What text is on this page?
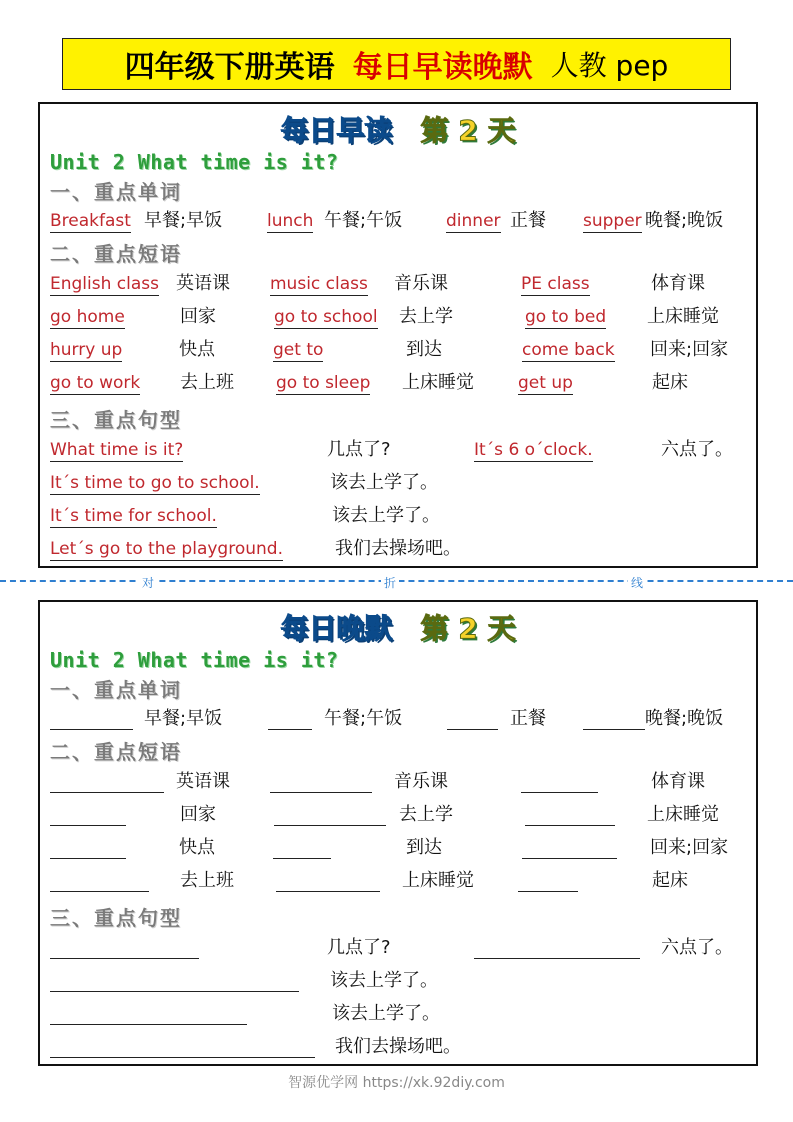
四年级下册英语 每日早读晚默 人教 pep
每日早读 第 2 天
Unit 2 What time is it?
一、重点单词
Breakfast 早餐;早饭	lunch 午餐;午饭	dinner 正餐 supper 晚餐;晚饭
二、重点短语
English class 英语课 music class 音乐课	PE class	体育课
go home	回家	go to school 去上学	go to bed 上床睡觉
hurry up	快点	get to	到达	come back 回来;回家
go to work 去上班 go to sleep 上床睡觉	get up	起床
三、重点句型
What time is it?	几点了?	It´s 6 o´clock.	六点了。
It´s time to go to school.	该去上学了。
It´s time for school.	该去上学了。
Let´s go to the playground.	我们去操场吧。
对	折	线
每日晚默 第 2 天
Unit 2 What time is it?
一、重点单词
早餐;早饭	午餐;午饭	正餐	晚餐;晚饭
二、重点短语
英语课	音乐课	体育课
回家	去上学	上床睡觉
快点	到达	回来;回家
去上班	上床睡觉	起床
三、重点句型
几点了?	六点了。
该去上学了。
该去上学了。
我们去操场吧。
智源优学网 https://xk.92diy.com
